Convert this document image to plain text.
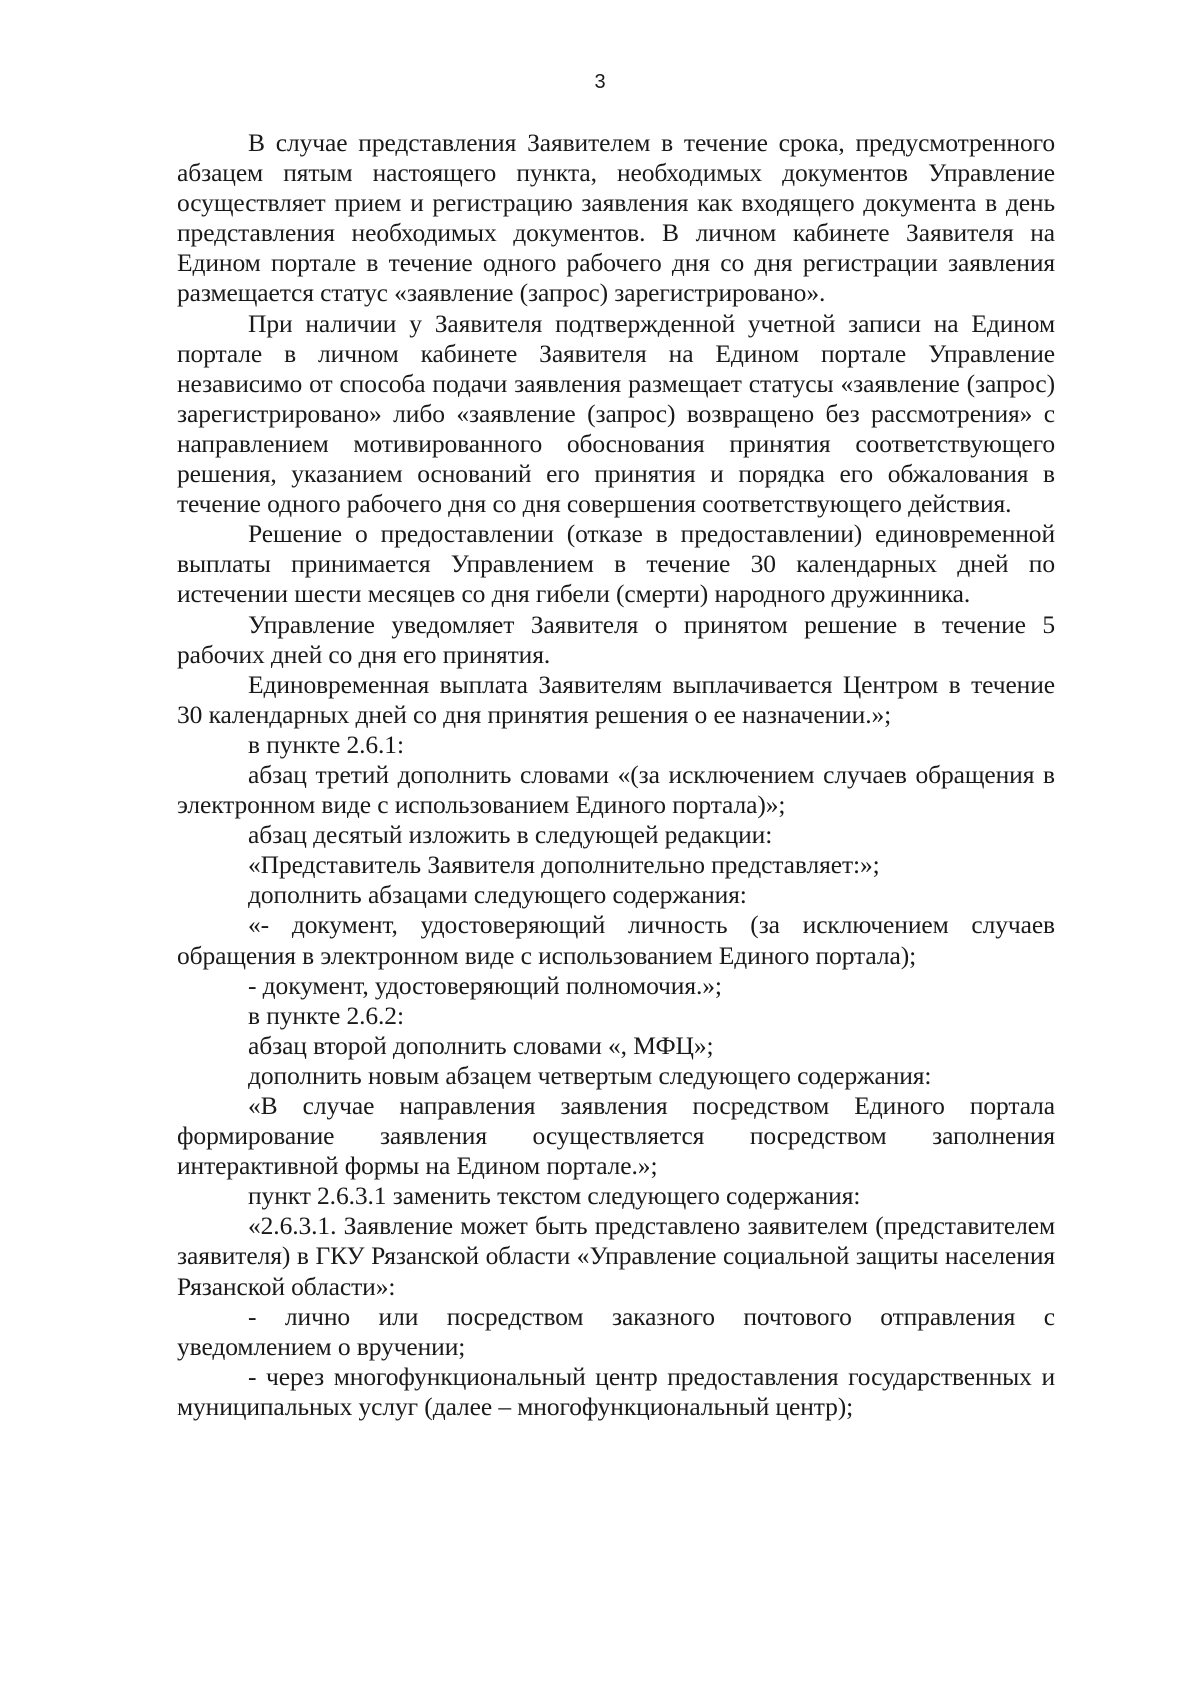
3

В случае представления Заявителем в течение срока, предусмотренного абзацем пятым настоящего пункта, необходимых документов Управление осуществляет прием и регистрацию заявления как входящего документа в день представления необходимых документов. В личном кабинете Заявителя на Едином портале в течение одного рабочего дня со дня регистрации заявления размещается статус «заявление (запрос) зарегистрировано».

При наличии у Заявителя подтвержденной учетной записи на Едином портале в личном кабинете Заявителя на Едином портале Управление независимо от способа подачи заявления размещает статусы «заявление (запрос) зарегистрировано» либо «заявление (запрос) возвращено без рассмотрения» с направлением мотивированного обоснования принятия соответствующего решения, указанием оснований его принятия и порядка его обжалования в течение одного рабочего дня со дня совершения соответствующего действия.

Решение о предоставлении (отказе в предоставлении) единовременной выплаты принимается Управлением в течение 30 календарных дней по истечении шести месяцев со дня гибели (смерти) народного дружинника.

Управление уведомляет Заявителя о принятом решение в течение 5 рабочих дней со дня его принятия.

Единовременная выплата Заявителям выплачивается Центром в течение 30 календарных дней со дня принятия решения о ее назначении.»;

в пункте 2.6.1:

абзац третий дополнить словами «(за исключением случаев обращения в электронном виде с использованием Единого портала)»;

абзац десятый изложить в следующей редакции:

«Представитель Заявителя дополнительно представляет:»;

дополнить абзацами следующего содержания:

«- документ, удостоверяющий личность (за исключением случаев обращения в электронном виде с использованием Единого портала);

- документ, удостоверяющий полномочия.»;

в пункте 2.6.2:

абзац второй дополнить словами «, МФЦ»;

дополнить новым абзацем четвертым следующего содержания:

«В случае направления заявления посредством Единого портала формирование заявления осуществляется посредством заполнения интерактивной формы на Едином портале.»;

пункт 2.6.3.1 заменить текстом следующего содержания:

«2.6.3.1. Заявление может быть представлено заявителем (представителем заявителя) в ГКУ Рязанской области «Управление социальной защиты населения Рязанской области»:

- лично или посредством заказного почтового отправления с уведомлением о вручении;

- через многофункциональный центр предоставления государственных и муниципальных услуг (далее – многофункциональный центр);
